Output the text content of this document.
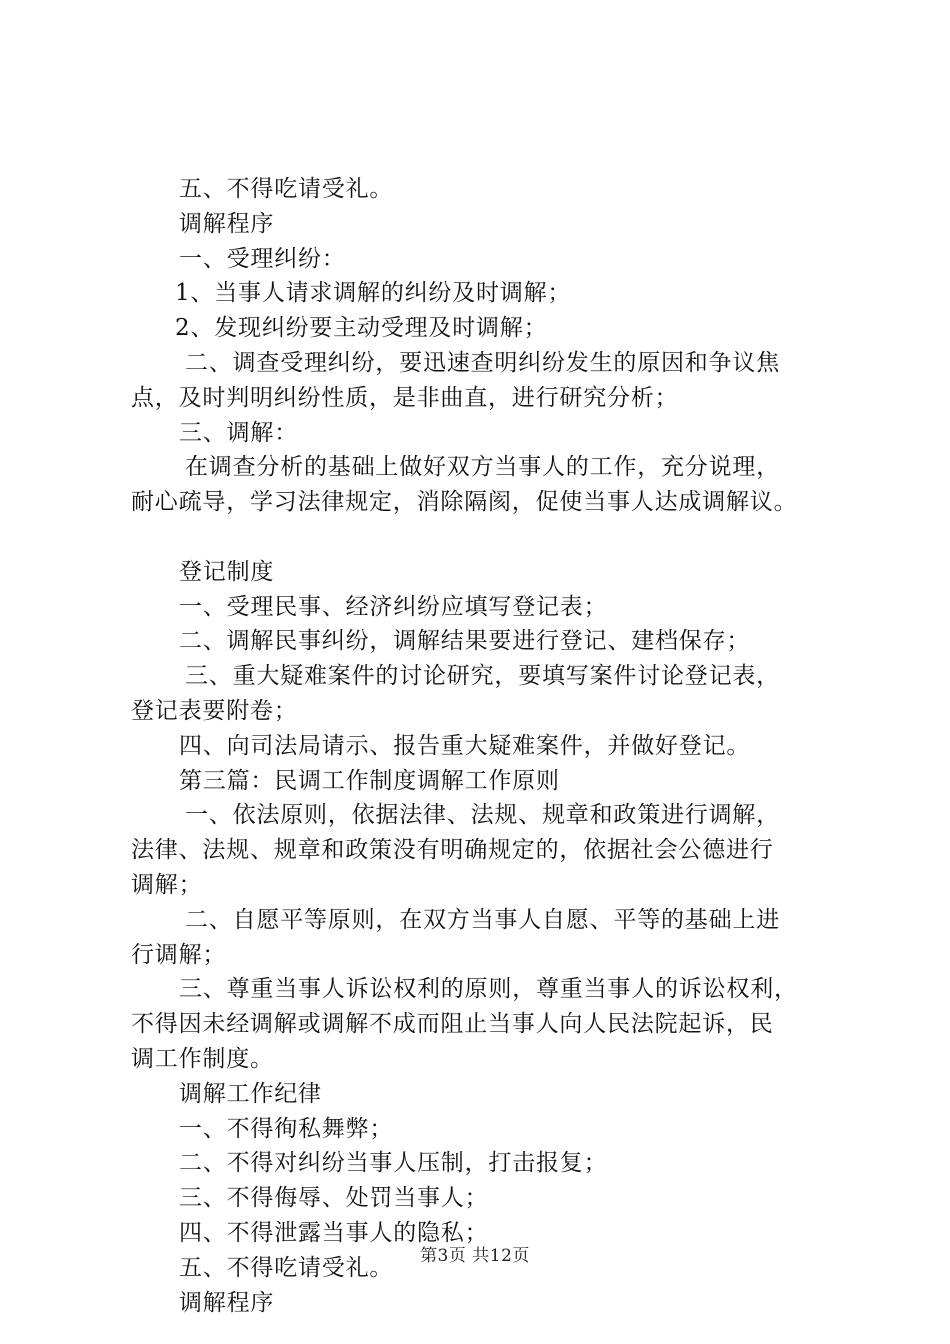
五、不得吃请受礼。
调解程序
一、受理纠纷：
1、当事人请求调解的纠纷及时调解；
2、发现纠纷要主动受理及时调解；
二、调查受理纠纷，要迅速查明纠纷发生的原因和争议焦
点，及时判明纠纷性质，是非曲直，进行研究分析；
三、调解：
在调查分析的基础上做好双方当事人的工作，充分说理，
耐心疏导，学习法律规定，消除隔阂，促使当事人达成调解议。
登记制度
一、受理民事、经济纠纷应填写登记表；
二、调解民事纠纷，调解结果要进行登记、建档保存；
三、重大疑难案件的讨论研究，要填写案件讨论登记表，
登记表要附卷；
四、向司法局请示、报告重大疑难案件，并做好登记。
第三篇：民调工作制度调解工作原则
一、依法原则，依据法律、法规、规章和政策进行调解，
法律、法规、规章和政策没有明确规定的，依据社会公德进行
调解；
二、自愿平等原则，在双方当事人自愿、平等的基础上进
行调解；
三、尊重当事人诉讼权利的原则，尊重当事人的诉讼权利，
不得因未经调解或调解不成而阻止当事人向人民法院起诉，民
调工作制度。
调解工作纪律
一、不得徇私舞弊；
二、不得对纠纷当事人压制，打击报复；
三、不得侮辱、处罚当事人；
四、不得泄露当事人的隐私；
五、不得吃请受礼。
调解程序
第3页 共12页
